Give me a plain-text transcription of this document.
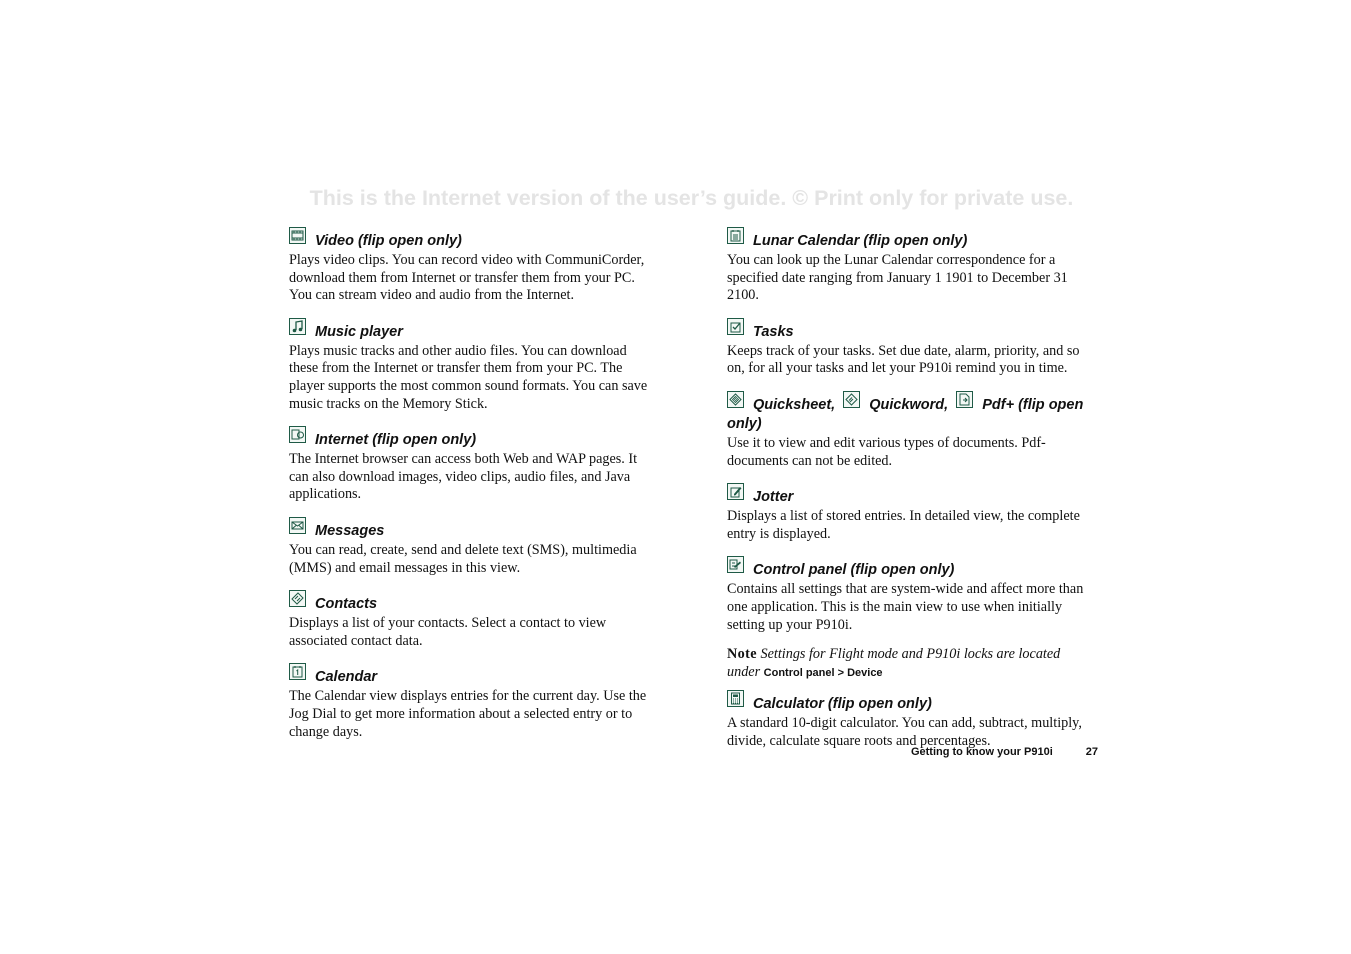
This is the Internet version of the user’s guide. © Print only for private use.
Video (flip open only)
Plays video clips. You can record video with CommuniCorder, download them from Internet or transfer them from your PC. You can stream video and audio from the Internet.
Music player
Plays music tracks and other audio files. You can download these from the Internet or transfer them from your PC. The player supports the most common sound formats. You can save music tracks on the Memory Stick.
Internet (flip open only)
The Internet browser can access both Web and WAP pages. It can also download images, video clips, audio files, and Java applications.
Messages
You can read, create, send and delete text (SMS), multimedia (MMS) and email messages in this view.
Contacts
Displays a list of your contacts. Select a contact to view associated contact data.
Calendar
The Calendar view displays entries for the current day. Use the Jog Dial to get more information about a selected entry or to change days.
Lunar Calendar (flip open only)
You can look up the Lunar Calendar correspondence for a specified date ranging from January 1 1901 to December 31 2100.
Tasks
Keeps track of your tasks. Set due date, alarm, priority, and so on, for all your tasks and let your P910i remind you in time.
Quicksheet, Quickword, Pdf+ (flip open
only)
Use it to view and edit various types of documents. Pdf-documents can not be edited.
Jotter
Displays a list of stored entries. In detailed view, the complete entry is displayed.
Control panel (flip open only)
Contains all settings that are system-wide and affect more than one application. This is the main view to use when initially setting up your P910i.
Note Settings for Flight mode and P910i locks are located under Control panel > Device
Calculator (flip open only)
A standard 10-digit calculator. You can add, subtract, multiply, divide, calculate square roots and percentages.
Getting to know your P910i	27
